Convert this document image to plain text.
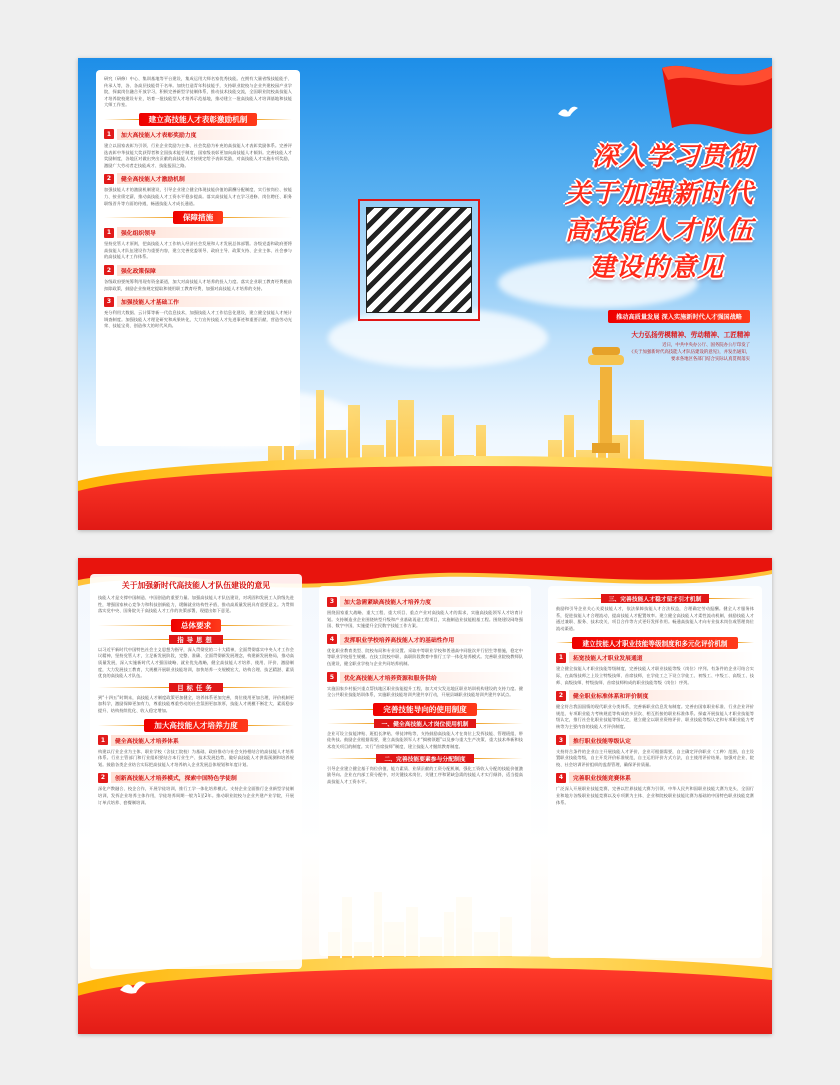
研究（研修）中心、集训基地等平台建设，集成运用大师名家优秀技能。在拥有大量省级技能能手、传承人等，各、各高层技能骨干名单。加快打造青年科技能手，支持职业院校与企业共建校园产业学院，探索岗位融合开放学习，积极完善新型学徒制体系，推动技术技能交流，全国职业院校高技能人才培养院校建设专业，培育一批技能型人才培养示范基地，推动建立一批高技能人才培训基地和技能大师工作室。

建立高技能人才表彰激励机制
1	加大高技能人才表彰奖励力度

建立以国家表彰为引领、行业企业奖励为主体、社会奖励为补充的高技能人才表彰奖励体系。完善评选表彰中华技能大奖获得者和全国技术能手制度，国家级表彰更加向高技能人才倾斜。完善技能人才奖励制度，各地区对做出突出贡献的高技能人才按规定给予表彰奖励，对高技能人才实施专项奖励，激励广大劳动者走技能成才、技能报国之路。

2	健全高技能人才激励机制

加强技能人才的激励机制建设，引导企业建立健全体现技能价值的薪酬分配制度，实行按岗位、按能力、按业绩定薪，推动高技能人才工资水平稳步提高。落实高技能人才在学习进修、岗位聘任、职务职级晋升等方面的待遇，畅通技能人才成长通道。

保障措施
1	强化组织领导

坚持党管人才原则，把高技能人才工作纳入经济社会发展和人才发展总体部署。各级党委和政府要将高技能人才队伍建设作为重要内容，建立完善党委领导、政府主导、政策支持、企业主体、社会参与的高技能人才工作体系。

2	强化政策保障

各级政府要统筹利用现有资金渠道，加大对高技能人才培养的投入力度。落实企业职工教育经费税前扣除政策，鼓励企业按规定提取和使用职工教育经费，加强对高技能人才培养的支持。

3	加强技能人才基础工作

充分利用大数据、云计算等新一代信息技术，加强技能人才工作信息化建设，建立健全技能人才统计调查制度。加强技能人才理论研究和成果转化，大力宣传技能人才先进事迹和重要贡献，营造劳动光荣、技能宝贵、创造伟大的时代风尚。

深入学习贯彻
关于加强新时代
高技能人才队伍
建设的意见
推动高质量发展 深入实施新时代人才强国战略
大力弘扬劳模精神、劳动精神、工匠精神
近日，中共中央办公厅、国务院办公厅印发了
《关于加强新时代高技能人才队伍建设的意见》，并发出通知，
要求各地区各部门结合实际认真贯彻落实
关于加强新时代高技能人才队伍建设的意见

技能人才是支撑中国制造、中国创造的重要力量。加强高技能人才队伍建设，对巩固和发展工人阶级先进性，增强国家核心竞争力和科技创新能力，缓解就业结构性矛盾，推动高质量发展具有重要意义。为贯彻落实党中央、国务院关于高技能人才工作的决策部署，现提出如下意见。

总体要求
指导思想

以习近平新时代中国特色社会主义思想为指导，深入贯彻党的二十大精神，全面贯彻落实中央人才工作会议精神，坚持党管人才，立足新发展阶段，完整、准确、全面贯彻新发展理念，构建新发展格局，推动高质量发展，深入实施新时代人才强国战略、就业优先战略，健全高技能人才培养、使用、评价、激励制度，大力发展技工教育，大规模开展职业技能培训，加快培养一支规模宏大、结构合理、技艺精湛、素质优良的高技能人才队伍。

目标任务

到“十四五”时期末，高技能人才制度政策更加健全，培养体系更加完善，岗位使用更加合理，评价机制更加科学，激励保障更加有力，尊重技能尊重劳动的社会氛围更加浓厚，技能人才规模不断壮大、素质稳步提升、结构持续优化、收入稳定增加。

加大高技能人才培养力度
1	健全高技能人才培养体系

构建以行业企业为主体、职业学校（含技工院校）为基础、政府推动与社会支持相结合的高技能人才培养体系。行业主管部门和行业组织要结合本行业生产、技术发展趋势，做好高技能人才供需预测和培养规划。鼓励各类企业结合实际把高技能人才培养纳入企业发展总体规划和年度计划。

2	创新高技能人才培养模式，探索中国特色学徒制

深化产教融合、校企合作，开展学徒培训，推行工学一体化培养模式。支持企业全面推行企业新型学徒制培训，发挥企业培养主体作用，学徒培养周期一般为1至2年。推动职业院校与企业共建产业学院，开展订单式培养、套餐制培训。

3	加大急需紧缺高技能人才培养力度

围绕国家重大战略、重大工程、重大项目、重点产业对高技能人才的需求，实施高技能领军人才培育计划。支持制造业企业围绕转型升级和产业基础再造工程项目，实施制造业技能根基工程。围绕建设网络强国、数字中国，实施提升全民数字技能工作方案。

4	发挥职业学校培养高技能人才的基础性作用

优化职业教育类型、院校布局和专业设置。采取中等职业学校和普通高中同批次并行招生等措施，稳定中等职业学校招生规模。在技工院校中职、高职阶段教育中推行工学一体化培养模式。完善职业院校教师队伍建设，健全职业学校与企业共同培养机制。

5	优化高技能人才培养资源和服务供给

实施国家乡村振兴重点帮扶地区职业技能提升工程，加大对欠发达地区职业培训机构建设的支持力度。健全公共职业技能培训体系，实施职业技能培训共建共享行动，开展县域职业技能培训共建共享试点。

完善技能导向的使用制度
一、健全高技能人才岗位使用机制

企业可设立技能津贴、班组长津贴、带徒津贴等，支持鼓励高技能人才在岗位上发挥技能、管理班组、带徒传技。鼓励企业根据需要，建立高技能领军人才“揭榜领题”以及参与重大生产决策、重大技术革新和技术攻关项目的制度。实行“首席技师”制度，建立技能人才继续教育制度。

二、完善技能要素参与分配制度

引导企业建立健全基于岗位价值、能力素质、业绩贡献的工资分配机制，强化工资收入分配的技能价值激励导向。企业在内部工资分配中，对关键技术岗位、关键工序和紧缺急需的技能人才实行倾斜，适当提高高技能人才工资水平。

三、完善技能人才稳才留才引才机制

鼓励和引导企业关心关爱技能人才，依法保障技能人才合法权益，合理确定劳动报酬。健全人才服务体系，促进技能人才合理流动，提高技能人才配置效率。建立健全高技能人才柔性流动机制，鼓励技能人才通过兼职、服务、技术攻关、项目合作等方式更好发挥作用。畅通高技能人才向专业技术岗位或管理岗位流动渠道。

建立技能人才职业技能等级制度和多元化评价机制
1	拓宽技能人才职业发展通道

建立健全技能人才职业技能等级制度，完善技能人才职业技能等级（岗位）序列。有条件的企业可结合实际，在高级技师之上设立特级技师、首席技师，在学徒工之下设立学徒工、初级工、中级工、高级工、技师、高级技师、特级技师、首席技师构成的职业技能等级（岗位）序列。

2	健全职业标准体系和评价制度

健全符合我国国情的现代职业分类体系，完善新职业信息发布制度。完善由国家职业标准、行业企业评价规范、专项职业能力考核规范等构成的多层次、相互衔接的职业标准体系。探索开展技能人才职业技能等级认定，推行社会化职业技能等级认定，建立健全以职业资格评价、职业技能等级认定和专项职业能力考核等为主要内容的技能人才评价制度。

3	推行职业技能等级认定

支持符合条件的企业自主开展技能人才评价，企业可根据需要，自主确定评价职业（工种）范围，自主设置职业技能等级，自主开发评价标准规范，自主运用评价方式方法，自主使用评价结果。加强对企业、院校、社会培训评价组织的监督管理，确保评价质量。

4	完善职业技能竞赛体系

广泛深入开展职业技能竞赛，完善以世界技能大赛为引领、中华人民共和国职业技能大赛为龙头、全国行业和地方各级职业技能竞赛以及专项赛为主体、企业和院校职业技能比赛为基础的中国特色职业技能竞赛体系。
